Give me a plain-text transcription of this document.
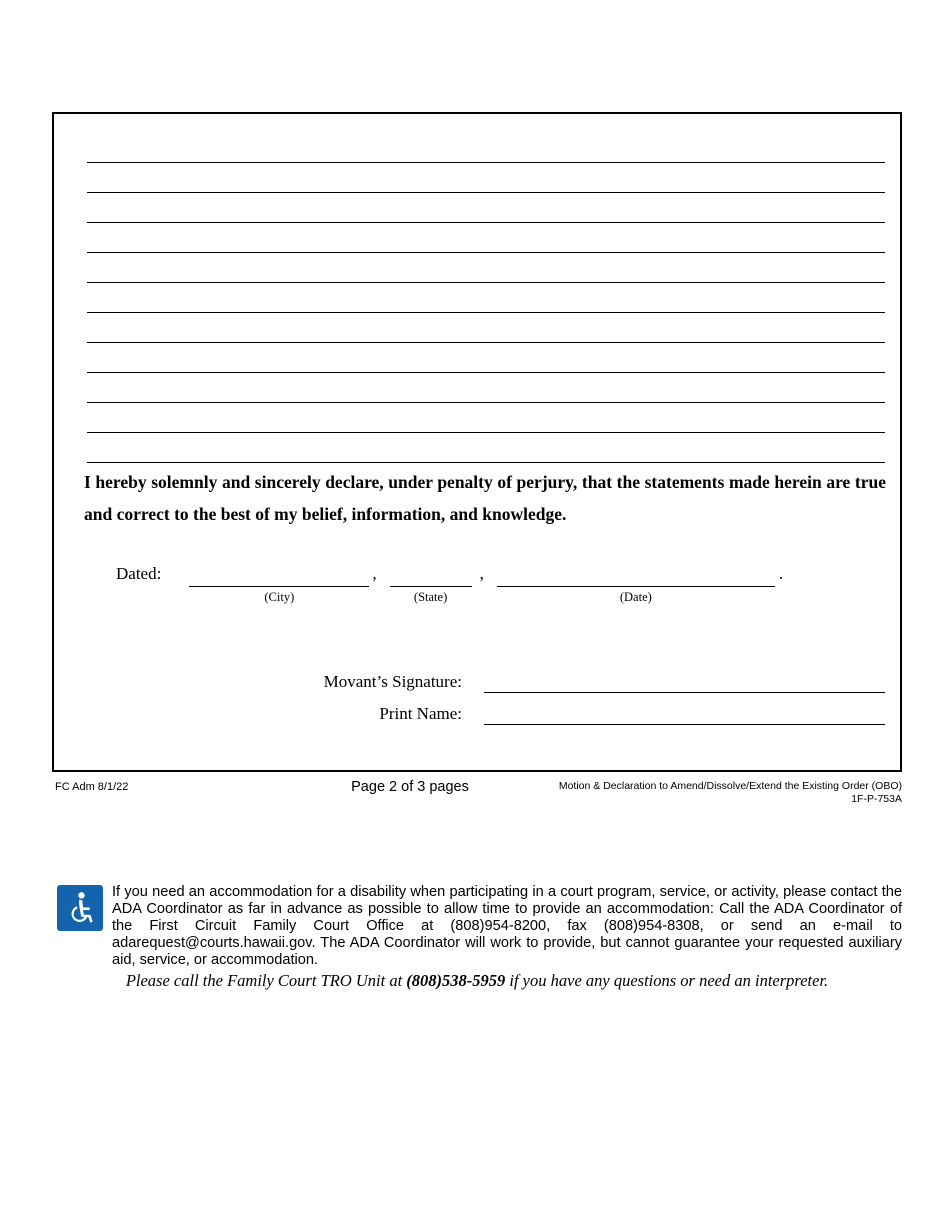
I hereby solemnly and sincerely declare, under penalty of perjury, that the statements made herein are true and correct to the best of my belief, information, and knowledge.

Dated:
(City)
,
(State)
,
(Date)
.
Movant’s Signature:
Print Name:
FC Adm 8/1/22	Page 2 of 3 pages	Motion & Declaration to Amend/Dissolve/Extend the Existing Order (OBO)
1F-P-753A

If you need an accommodation for a disability when participating in a court program, service, or activity, please contact the ADA Coordinator as far in advance as possible to allow time to provide an accommodation: Call the ADA Coordinator of the First Circuit Family Court Office at (808)954-8200, fax (808)954-8308, or send an e-mail to adarequest@courts.hawaii.gov. The ADA Coordinator will work to provide, but cannot guarantee your requested auxiliary aid, service, or accommodation.

Please call the Family Court TRO Unit at (808)538-5959 if you have any questions or need an interpreter.
